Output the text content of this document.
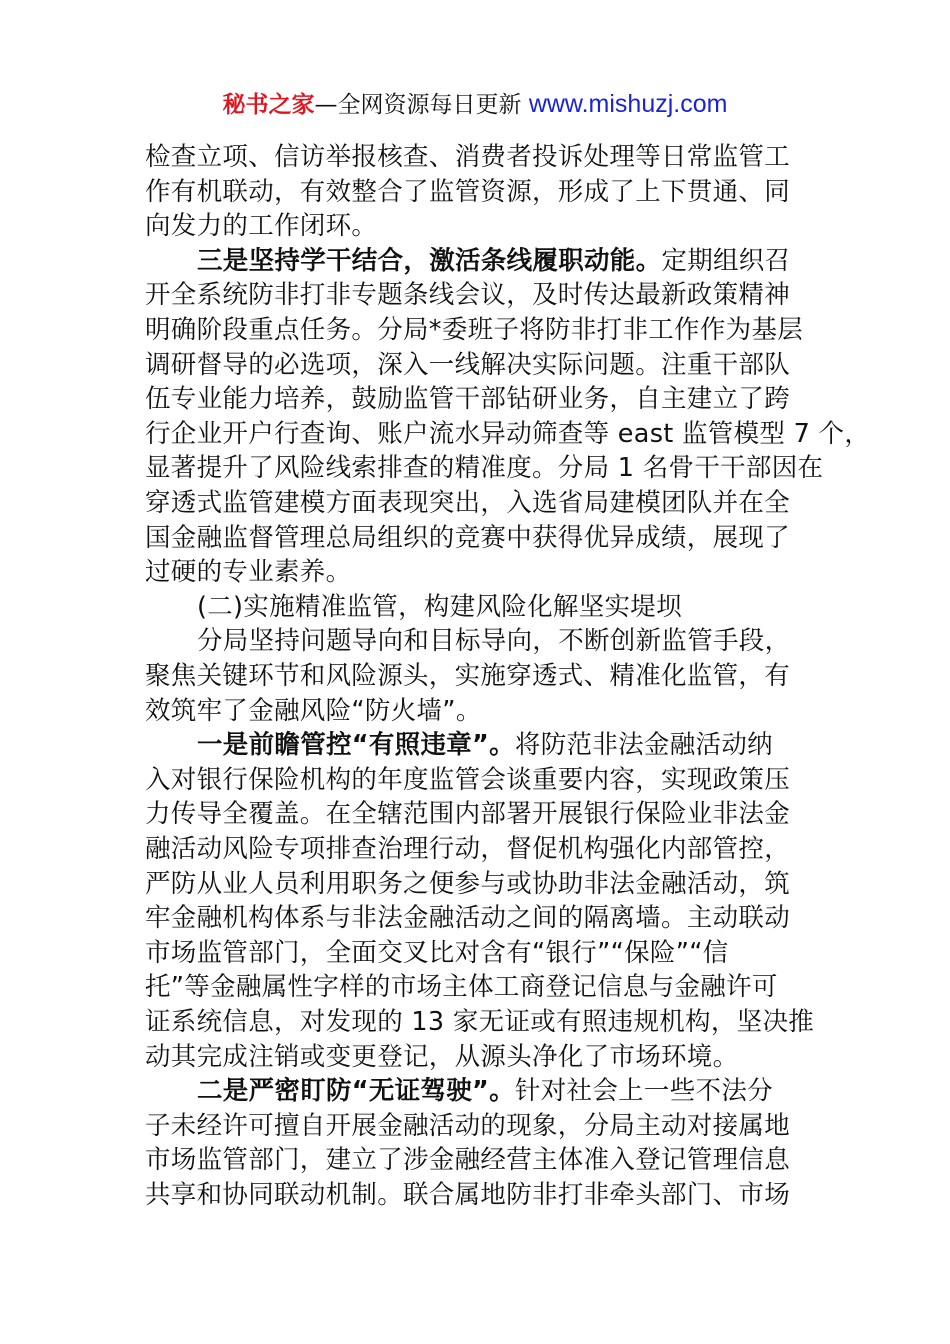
秘书之家—全网资源每日更新 www.mishuzj.com
检查立项、信访举报核查、消费者投诉处理等日常监管工
作有机联动，有效整合了监管资源，形成了上下贯通、同
向发力的工作闭环。
三是坚持学干结合，激活条线履职动能。定期组织召
开全系统防非打非专题条线会议，及时传达最新政策精神
明确阶段重点任务。分局*委班子将防非打非工作作为基层
调研督导的必选项，深入一线解决实际问题。注重干部队
伍专业能力培养，鼓励监管干部钻研业务，自主建立了跨
行企业开户行查询、账户流水异动筛查等 east 监管模型 7 个，
显著提升了风险线索排查的精准度。分局 1 名骨干干部因在
穿透式监管建模方面表现突出，入选省局建模团队并在全
国金融监督管理总局组织的竞赛中获得优异成绩，展现了
过硬的专业素养。
(二)实施精准监管，构建风险化解坚实堤坝
分局坚持问题导向和目标导向，不断创新监管手段，
聚焦关键环节和风险源头，实施穿透式、精准化监管，有
效筑牢了金融风险“防火墙”。
一是前瞻管控“有照违章”。将防范非法金融活动纳
入对银行保险机构的年度监管会谈重要内容，实现政策压
力传导全覆盖。在全辖范围内部署开展银行保险业非法金
融活动风险专项排查治理行动，督促机构强化内部管控，
严防从业人员利用职务之便参与或协助非法金融活动，筑
牢金融机构体系与非法金融活动之间的隔离墙。主动联动
市场监管部门，全面交叉比对含有“银行”“保险”“信
托”等金融属性字样的市场主体工商登记信息与金融许可
证系统信息，对发现的 13 家无证或有照违规机构，坚决推
动其完成注销或变更登记，从源头净化了市场环境。
二是严密盯防“无证驾驶”。针对社会上一些不法分
子未经许可擅自开展金融活动的现象，分局主动对接属地
市场监管部门，建立了涉金融经营主体准入登记管理信息
共享和协同联动机制。联合属地防非打非牵头部门、市场
